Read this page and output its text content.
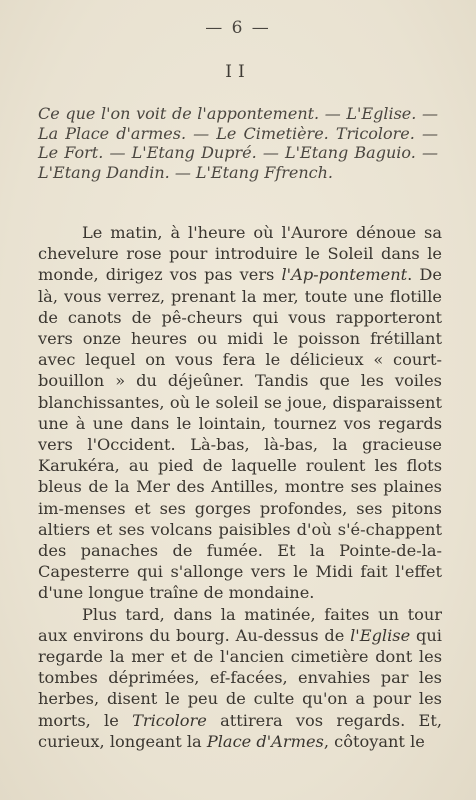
— 6 —
II

Ce que l'on voit de l'appontement. — L'Eglise. — La Place d'armes. — Le Cimetière. Tricolore. — Le Fort. — L'Etang Dupré. — L'Etang Baguio. — L'Etang Dandin. — L'Etang Ffrench.

Le matin, à l'heure où l'Aurore dénoue sa chevelure rose pour introduire le Soleil dans le monde, dirigez vos pas vers l'Ap-pontement. De là, vous verrez, prenant la mer, toute une flotille de canots de pê-cheurs qui vous rapporteront vers onze heures ou midi le poisson frétillant avec lequel on vous fera le délicieux « court-bouillon » du déjeûner. Tandis que les voiles blanchissantes, où le soleil se joue, disparaissent une à une dans le lointain, tournez vos regards vers l'Occident. Là-bas, là-bas, la gracieuse Karukéra, au pied de laquelle roulent les flots bleus de la Mer des Antilles, montre ses plaines im-menses et ses gorges profondes, ses pitons altiers et ses volcans paisibles d'où s'é-chappent des panaches de fumée. Et la Pointe-de-la-Capesterre qui s'allonge vers le Midi fait l'effet d'une longue traîne de mondaine.

Plus tard, dans la matinée, faites un tour aux environs du bourg. Au-dessus de l'Eglise qui regarde la mer et de l'ancien cimetière dont les tombes déprimées, ef-facées, envahies par les herbes, disent le peu de culte qu'on a pour les morts, le Tricolore attirera vos regards. Et, curieux, longeant la Place d'Armes, côtoyant le
